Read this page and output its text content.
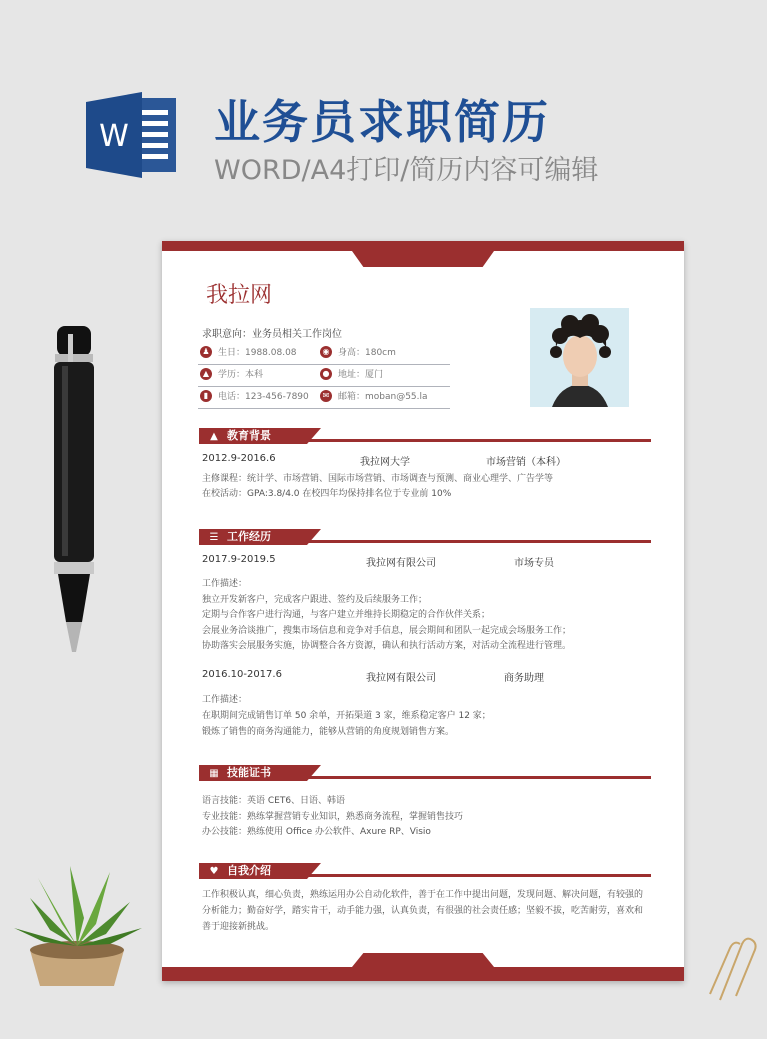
W 业务员求职简历
WORD/A4打印/简历内容可编辑
我拉网
求职意向：业务员相关工作岗位
♟ 生日：1988.08.08	◉ 身高：180cm
▲ 学历：本科	● 地址：厦门
▮	电话：123-456-7890	✉ 邮箱：moban@55.la
▲ 教育背景
2012.9-2016.6	我拉网大学	市场营销（本科）
主修课程：统计学、市场营销、国际市场营销、市场调查与预测、商业心理学、广告学等
在校活动：GPA:3.8/4.0 在校四年均保持排名位于专业前 10%
☰ 工作经历
2017.9-2019.5	我拉网有限公司	市场专员
工作描述：
独立开发新客户，完成客户跟进、签约及后续服务工作；
定期与合作客户进行沟通，与客户建立并维持长期稳定的合作伙伴关系；
会展业务洽谈推广，搜集市场信息和竞争对手信息，展会期间和团队一起完成会场服务工作；
协助落实会展服务实施，协调整合各方资源，确认和执行活动方案，对活动全流程进行管理。
2016.10-2017.6	我拉网有限公司	商务助理
工作描述：
在职期间完成销售订单 50 余单，开拓渠道 3 家，维系稳定客户 12 家；
锻炼了销售的商务沟通能力，能够从营销的角度规划销售方案。
▦ 技能证书
语言技能：英语 CET6、日语、韩语
专业技能：熟练掌握营销专业知识，熟悉商务流程，掌握销售技巧
办公技能：熟练使用 Office 办公软件、Axure RP、Visio
♥ 自我介绍
工作积极认真，细心负责，熟练运用办公自动化软件，善于在工作中提出问题，发现问题、解决问题，有较强的
分析能力；勤奋好学，踏实肯干，动手能力强，认真负责，有很强的社会责任感；坚毅不拔，吃苦耐劳，喜欢和
善于迎接新挑战。
